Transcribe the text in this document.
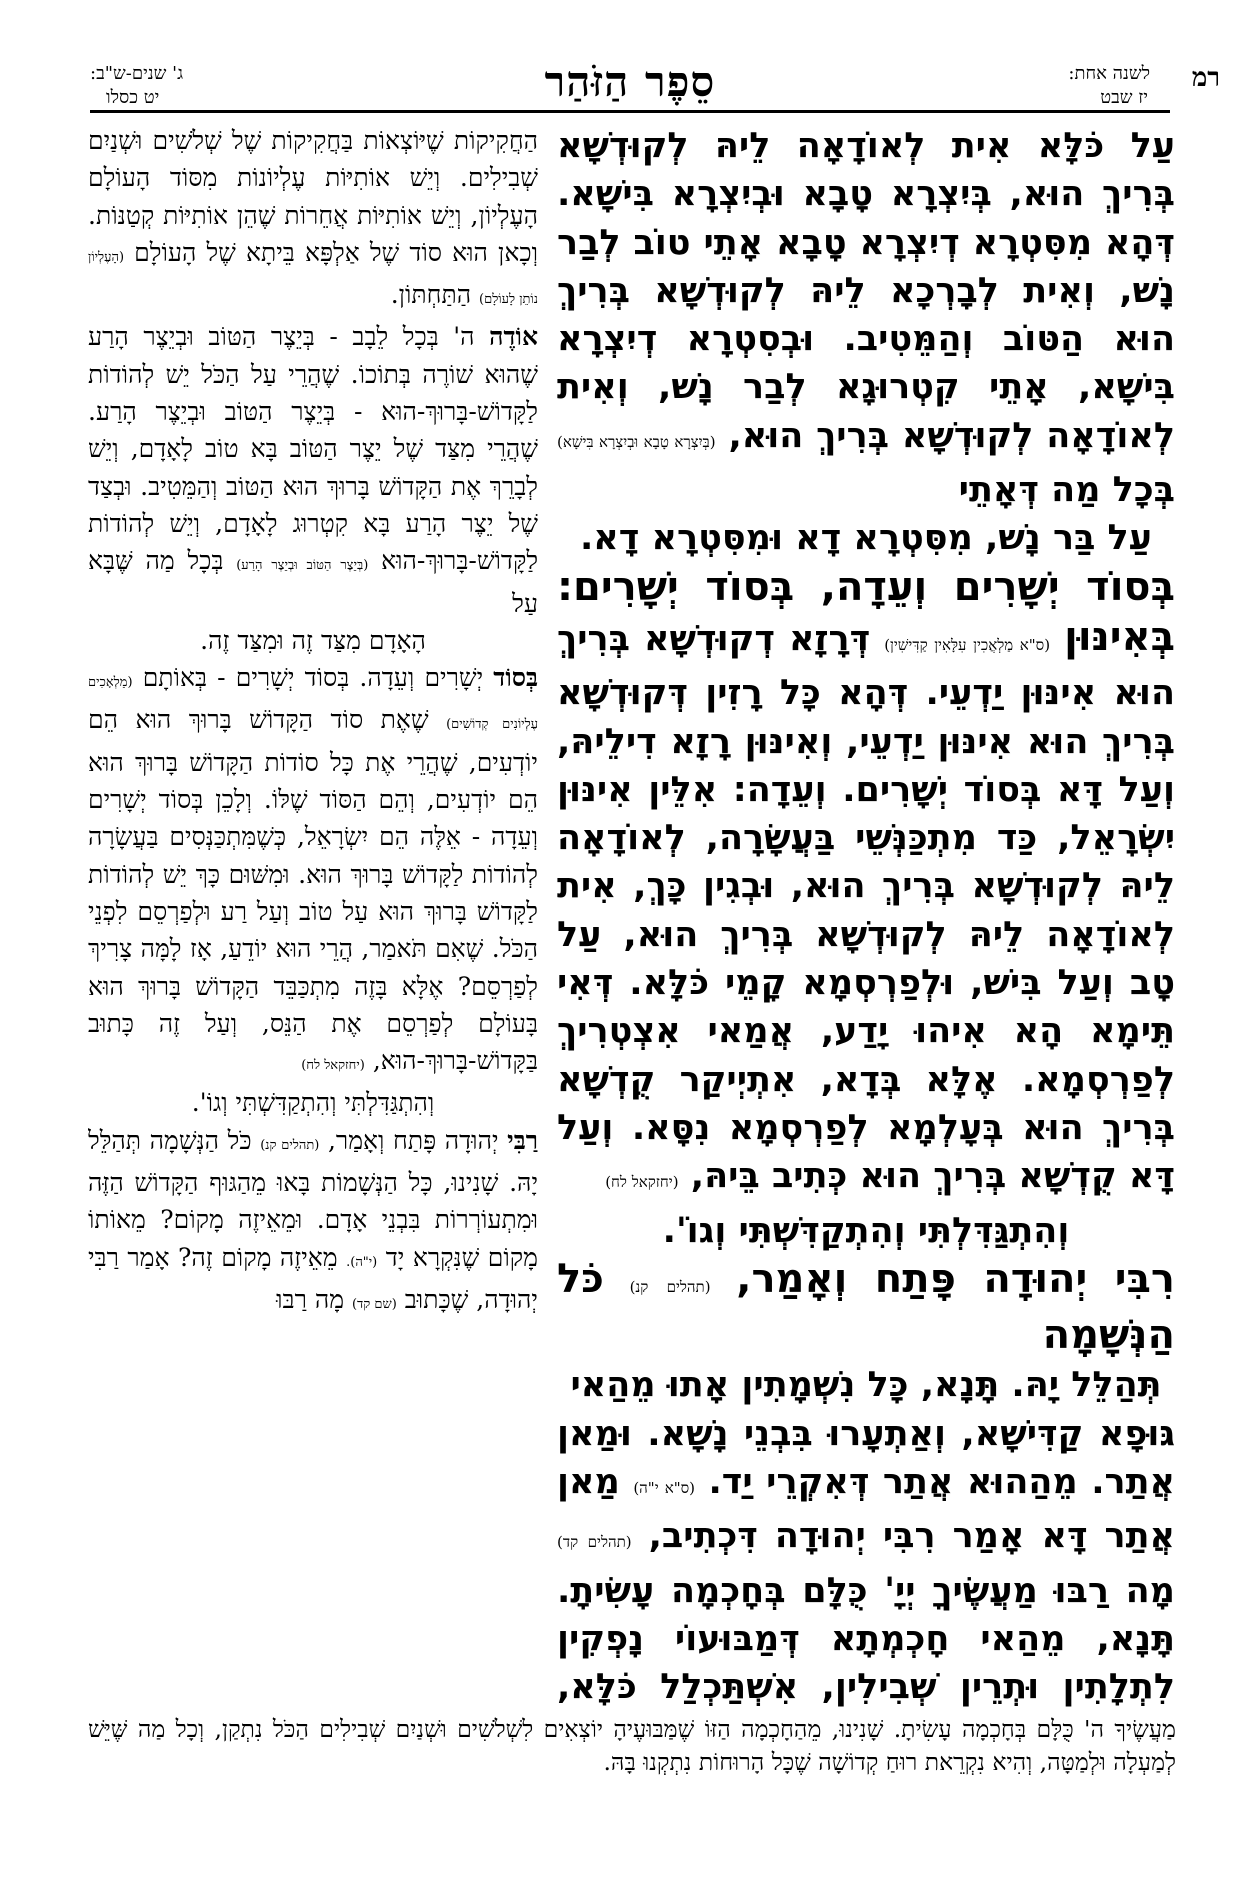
רמ
לשנה אחת:
יז שבט
סֵפֶר הַזֹּהַר
ג' שנים-ש"ב:
יט כסלו

עַל כֹּלָּא אִית לְאוֹדָאָה לֵיהּ לְקוּדְשָׁא בְּרִיךְ הוּא, בְּיִצְרָא טָבָא וּבְיִצְרָא בִּישָׁא. דְּהָא מִסִּטְרָא דְיִצְרָא טָבָא אָתֵי טוֹב לְבַר נָשׁ, וְאִית לְבָרְכָא לֵיהּ לְקוּדְשָׁא בְּרִיךְ הוּא הַטּוֹב וְהַמֵּטִיב. וּבְסִטְרָא דְיִצְרָא בִּישָׁא, אָתֵי קִטְרוּגָא לְבַר נָשׁ, וְאִית לְאוֹדָאָה לְקוּדְשָׁא בְּרִיךְ הוּא, (בְּיִצְרָא טָבָא וּבְיִצְרָא בִּישָׁא) בְּכָל מַה דְּאָתֵי

עַל בַּר נָשׁ, מִסִּטְרָא דָא וּמִסִּטְרָא דָא.

בְּסוֹד יְשָׁרִים וְעֵדָה, בְּסוֹד יְשָׁרִים: בְּאִינּוּן (ס"א מַלְאֲכִין עִלָּאִין קַדִּישִׁין) דְּרָזָא דְקוּדְשָׁא בְּרִיךְ הוּא אִינּוּן יַדְעֵי. דְּהָא כָּל רָזִין דְּקוּדְשָׁא בְּרִיךְ הוּא אִינּוּן יַדְעֵי, וְאִינּוּן רָזָא דִילֵיהּ, וְעַל דָּא בְּסוֹד יְשָׁרִים. וְעֵדָה: אִלֵּין אִינּוּן יִשְׂרָאֵל, כַּד מִתְכַּנְּשֵׁי בַּעֲשָׂרָה, לְאוֹדָאָה לֵיהּ לְקוּדְשָׁא בְּרִיךְ הוּא, וּבְגִין כָּךְ, אִית לְאוֹדָאָה לֵיהּ לְקוּדְשָׁא בְּרִיךְ הוּא, עַל טָב וְעַל בִּישׁ, וּלְפַרְסְמָא קָמֵי כֹּלָּא. דְּאִי תֵּימָא הָא אִיהוּ יָדַע, אֲמַאי אִצְטְרִיךְ לְפַרְסְמָא. אֶלָּא בְּדָא, אִתְיְיקַר קֻדְשָׁא בְּרִיךְ הוּא בְּעָלְמָא לְפַרְסְמָא נִסָּא. וְעַל דָּא קֻדְשָׁא בְּרִיךְ הוּא כְּתִיב בֵּיהּ, (יחזקאל לח)

וְהִתְגַּדִּלְתִּי וְהִתְקַדִּשְׁתִּי וְגוֹ'.

רִבִּי יְהוּדָה פָּתַח וְאָמַר, (תהלים קנ) כֹּל הַנְּשָׁמָה

תְּהַלֵּל יָהּ. תָּנָא, כָּל נִשְׁמָתִין אָתוּ מֵהַאי

גּוּפָא קַדִּישָׁא, וְאַתְעָרוּ בִּבְנֵי נָשָׁא. וּמַאן אֲתַר. מֵהַהוּא אֲתַר דְּאִקְרֵי יַד. (ס"א י"ה) מַאן אֲתַר דָּא אָמַר רִבִּי יְהוּדָה דִּכְתִיב, (תהלים קד) מָה רַבּוּ מַעֲשֶׂיךָ יְיָ' כֻּלָּם בְּחָכְמָה עָשִׂיתָ. תָּנָא, מֵהַאי חָכְמְתָא דְּמַבּוּעוֹי נָפְקִין לִתְלָתִין וּתְרֵין שְׁבִילִין, אִשְׁתַּכְלַל כֹּלָּא,

הַחֲקִיקוֹת שֶׁיּוֹצְאוֹת בַּחֲקִיקוֹת שֶׁל שְׁלֹשִׁים וּשְׁנַיִם שְׁבִילִים. וְיֵשׁ אוֹתִיּוֹת עֶלְיוֹנוֹת מִסּוֹד הָעוֹלָם הָעֶלְיוֹן, וְיֵשׁ אוֹתִיּוֹת אֲחֵרוֹת שֶׁהֵן אוֹתִיּוֹת קְטַנּוֹת. וְכָאן הוּא סוֹד שֶׁל אַלְפָּא בֵּיתָא שֶׁל הָעוֹלָם (הָעֶלְיוֹן נוֹתֵן לָעוֹלָם) הַתַּחְתּוֹן.

אוֹדֶה ה' בְּכָל לֵבָב - בְּיֵצֶר הַטּוֹב וּבְיֵצֶר הָרַע שֶׁהוּא שׁוֹרֶה בְּתוֹכוֹ. שֶׁהֲרֵי עַל הַכֹּל יֵשׁ לְהוֹדוֹת לַקָּדוֹשׁ-בָּרוּךְ-הוּא - בְּיֵצֶר הַטּוֹב וּבְיֵצֶר הָרַע. שֶׁהֲרֵי מִצַּד שֶׁל יֵצֶר הַטּוֹב בָּא טוֹב לָאָדָם, וְיֵשׁ לְבָרֵךְ אֶת הַקָּדוֹשׁ בָּרוּךְ הוּא הַטּוֹב וְהַמֵּטִיב. וּבְצַד שֶׁל יֵצֶר הָרַע בָּא קִטְרוּג לָאָדָם, וְיֵשׁ לְהוֹדוֹת לַקָּדוֹשׁ-בָּרוּךְ-הוּא (בְּיֵצֶר הַטּוֹב וּבְיֵצֶר הָרַע) בְּכָל מַה שֶּׁבָּא עַל

הָאָדָם מִצַּד זֶה וּמִצַּד זֶה.

בְּסוֹד יְשָׁרִים וְעֵדָה. בְּסוֹד יְשָׁרִים - בְּאוֹתָם (מַלְאָכִים עֶלְיוֹנִים קְדוֹשִׁים) שֶׁאֶת סוֹד הַקָּדוֹשׁ בָּרוּךְ הוּא הֵם יוֹדְעִים, שֶׁהֲרֵי אֶת כָּל סוֹדוֹת הַקָּדוֹשׁ בָּרוּךְ הוּא הֵם יוֹדְעִים, וְהֵם הַסּוֹד שֶׁלּוֹ. וְלָכֵן בְּסוֹד יְשָׁרִים וְעֵדָה - אֵלֶּה הֵם יִשְׂרָאֵל, כְּשֶׁמִּתְכַּנְּסִים בַּעֲשָׂרָה לְהוֹדוֹת לַקָּדוֹשׁ בָּרוּךְ הוּא. וּמִשּׁוּם כָּךְ יֵשׁ לְהוֹדוֹת לַקָּדוֹשׁ בָּרוּךְ הוּא עַל טוֹב וְעַל רַע וּלְפַרְסֵם לִפְנֵי הַכֹּל. שֶׁאִם תֹּאמַר, הֲרֵי הוּא יוֹדֵעַ, אָז לָמָּה צָרִיךְ לְפַרְסֵם? אֶלָּא בָּזֶה מִתְכַּבֵּד הַקָּדוֹשׁ בָּרוּךְ הוּא בָּעוֹלָם לְפַרְסֵם אֶת הַנֵּס, וְעַל זֶה כָּתוּב בַּקָּדוֹשׁ-בָּרוּךְ-הוּא, (יחזקאל לח)

וְהִתְגַּדִּלְתִּי וְהִתְקַדִּשְׁתִּי וְגוֹ'.

רַבִּי יְהוּדָה פָּתַח וְאָמַר, (תהלים קנ) כֹּל הַנְּשָׁמָה תְּהַלֵּל יָהּ. שָׁנִינוּ, כָּל הַנְּשָׁמוֹת בָּאוּ מֵהַגּוּף הַקָּדוֹשׁ הַזֶּה וּמִתְעוֹרְרוֹת בִּבְנֵי אָדָם. וּמֵאֵיזֶה מָקוֹם? מֵאוֹתוֹ מָקוֹם שֶׁנִּקְרָא יָד (י"ה). מֵאֵיזֶה מָקוֹם זֶה? אָמַר רַבִּי יְהוּדָה, שֶׁכָּתוּב (שם קד) מָה רַבּוּ

מַעֲשֶׂיךָ ה' כֻּלָּם בְּחָכְמָה עָשִׂיתָ. שָׁנִינוּ, מֵהַחָכְמָה הַזּוֹ שֶׁמַּבּוּעֶיהָ יוֹצְאִים לִשְׁלֹשִׁים וּשְׁנַיִם שְׁבִילִים הַכֹּל נִתְקַן, וְכָל מַה שֶּׁיֵּשׁ לְמַעְלָה וּלְמַטָּה, וְהִיא נִקְרֵאת רוּחַ קְדוֹשָׁה שֶׁכָּל הָרוּחוֹת נִתְקְנוּ בָּהּ.
